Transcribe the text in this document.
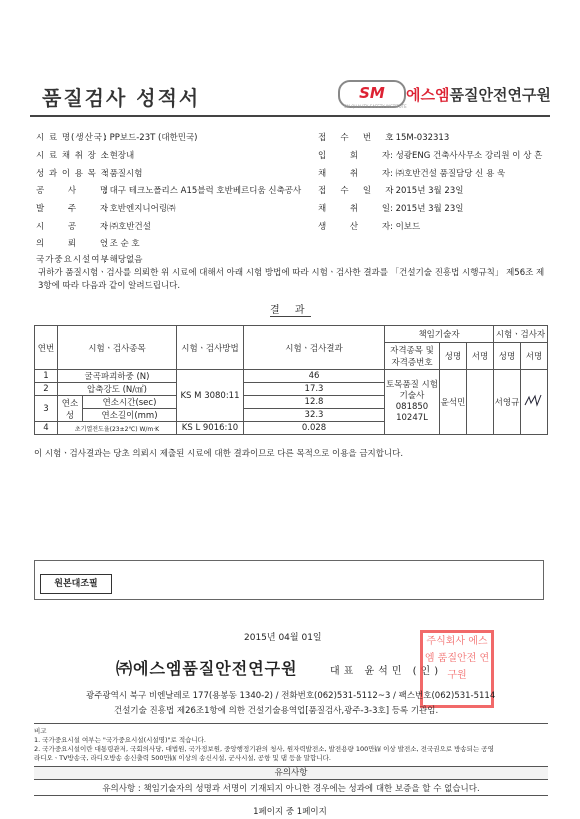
품질검사 성적서	SM
SM QUALITY SAFETY INSTITUTE
에스엠품질안전연구원
시 료 명(생산국): PP보드-23T (대한민국)
시 료 채 취 장 소: 현장내
성 과 이 용 목 적: 품질시험
공　　 사　　 명: 대구 테크노폴리스 A15블럭 호반베르디움 신축공사
발　　 주　　 자: 호반엔지니어링㈜
시　　 공　　 자: ㈜호반건설
의　　 뢰　　 인: 조 순 호
국가중요시설여부: 해당없음
접　 수　 번　 호: 15M-032313
입　　 회　　 자: 성광ENG 건축사사무소 강리원 이 상 흔
채　　 취　　 자: ㈜호반건설 품질담당 신 용 욱
접　 수　 일　 자: 2015년 3월 23일
채　　 취　　 일: 2015년 3월 23일
생　　 산　　 자: 이보드
귀하가 품질시험ㆍ검사를 의뢰한 위 시료에 대해서 아래 시험 방법에 따라 시험ㆍ검사한 결과를 「건설기술 진흥법 시행규칙」 제56조 제3항에 따라 다음과 같이 알려드립니다.
결 과
연번	시험ㆍ검사종목		시험ㆍ검사방법	시험ㆍ검사결과	책임기술자			시험ㆍ검사자	
					자격종목 및 자격증번호	성명	서명	성명	서명
1	굴곡파괴하중 (N)		KS M 3080:11	46	토목품질 시험기술사 081850 10247L	윤석민		서영규	
2	압축강도 (N/㎠)			17.3					
3	연소성	연소시간(sec)		12.8					
		연소길이(mm)		32.3					
4	초기열전도율(23±2℃) W/m·K		KS L 9016:10	0.028					
이 시험ㆍ검사결과는 당초 의뢰시 제출된 시료에 대한 결과이므로 다른 목적으로 이용을 금지합니다.
원본대조필
2015년 04월 01일
㈜에스엠품질안전연구원	대표 윤석민 (인)
주식회사 에스엠 품질안전 연구원
광주광역시 북구 비엔날레로 177(용봉동 1340-2) / 전화번호(062)531-5112~3 / 팩스번호(062)531-5114
건설기술 진흥법 제26조1항에 의한 건설기술용역업[품질검사,광주-3-3호] 등록 기관임.
비고
1. 국가중요시설 여부는 "국가중요시설(시설명)"로 적습니다.
2. 국가중요시설이란 대통령관저, 국회의사당, 대법원, 국가정보원, 중앙행정기관의 청사, 원자력발전소, 발전용량 100만㎾ 이상 발전소, 전국권으로 방송되는 공영
라디오ㆍTV방송국, 라디오방송 송신출력 500만㎾ 이상의 송신시설, 군사시설, 공항 및 댐 등을 말합니다.
유의사항
유의사항 : 책임기술자의 성명과 서명이 기재되지 아니한 경우에는 성과에 대한 보증을 할 수 없습니다.
1페이지 중 1페이지
